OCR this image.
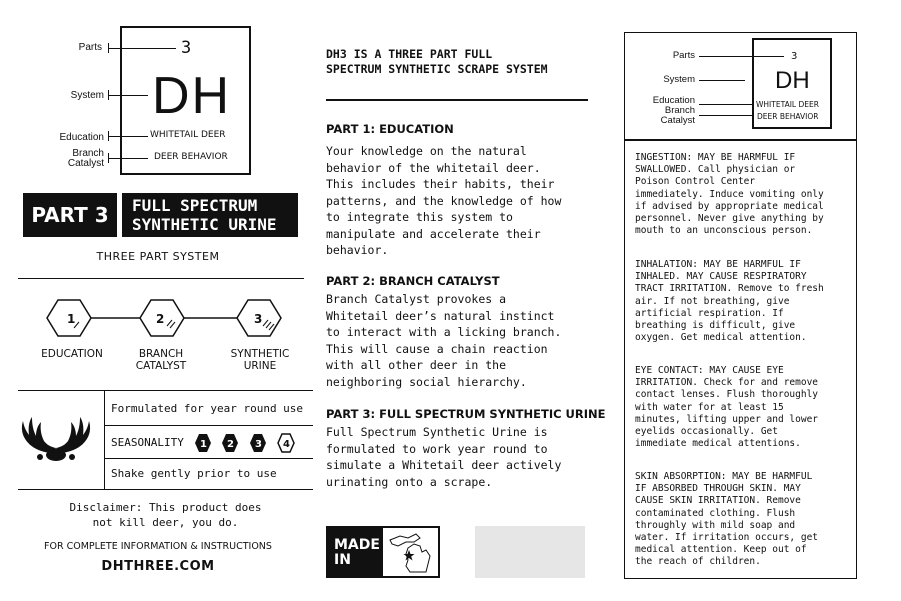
3
DH
WHITETAIL DEER
DEER BEHAVIOR
Parts
System
Education
Branch
Catalyst
PART 3	FULL SPECTRUM
SYNTHETIC URINE
THREE PART SYSTEM
1	2	3
EDUCATION	BRANCH
CATALYST
SYNTHETIC
URINE
Formulated for year round use
SEASONALITY 1 2 3 4
Shake gently prior to use
Disclaimer: This product does
not kill deer, you do.
FOR COMPLETE INFORMATION & INSTRUCTIONS
DHTHREE.COM
DH3 IS A THREE PART FULL
SPECTRUM SYNTHETIC SCRAPE SYSTEM
PART 1: EDUCATION
Your knowledge on the natural
behavior of the whitetail deer.
This includes their habits, their
patterns, and the knowledge of how
to integrate this system to
manipulate and accelerate their
behavior.
PART 2: BRANCH CATALYST
Branch Catalyst provokes a
Whitetail deer’s natural instinct
to interact with a licking branch.
This will cause a chain reaction
with all other deer in the
neighboring social hierarchy.
PART 3: FULL SPECTRUM SYNTHETIC URINE
Full Spectrum Synthetic Urine is
formulated to work year round to
simulate a Whitetail deer actively
urinating onto a scrape.
MADE
IN
3
DH
WHITETAIL DEER
DEER BEHAVIOR
Parts
System
Education
Branch
Catalyst
INGESTION: MAY BE HARMFUL IF
SWALLOWED. Call physician or
Poison Control Center
immediately. Induce vomiting only
if advised by appropriate medical
personnel. Never give anything by
mouth to an unconscious person.
INHALATION: MAY BE HARMFUL IF
INHALED. MAY CAUSE RESPIRATORY
TRACT IRRITATION. Remove to fresh
air. If not breathing, give
artificial respiration. If
breathing is difficult, give
oxygen. Get medical attention.
EYE CONTACT: MAY CAUSE EYE
IRRITATION. Check for and remove
contact lenses. Flush thoroughly
with water for at least 15
minutes, lifting upper and lower
eyelids occasionally. Get
immediate medical attentions.
SKIN ABSORPTION: MAY BE HARMFUL
IF ABSORBED THROUGH SKIN. MAY
CAUSE SKIN IRRITATION. Remove
contaminated clothing. Flush
throughly with mild soap and
water. If irritation occurs, get
medical attention. Keep out of
the reach of children.
